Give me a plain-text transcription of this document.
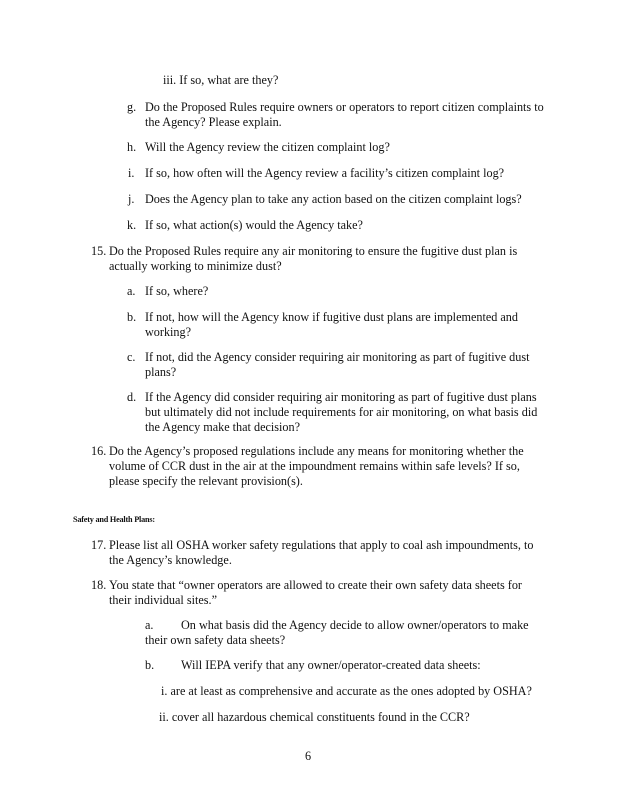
iii. If so, what are they?
g. Do the Proposed Rules require owners or operators to report citizen complaints to
the Agency? Please explain.
h. Will the Agency review the citizen complaint log?
i. If so, how often will the Agency review a facility’s citizen complaint log?
j. Does the Agency plan to take any action based on the citizen complaint logs?
k. If so, what action(s) would the Agency take?
15. Do the Proposed Rules require any air monitoring to ensure the fugitive dust plan is
actually working to minimize dust?
a. If so, where?
b. If not, how will the Agency know if fugitive dust plans are implemented and
working?
c. If not, did the Agency consider requiring air monitoring as part of fugitive dust
plans?
d. If the Agency did consider requiring air monitoring as part of fugitive dust plans
but ultimately did not include requirements for air monitoring, on what basis did
the Agency make that decision?
16. Do the Agency’s proposed regulations include any means for monitoring whether the
volume of CCR dust in the air at the impoundment remains within safe levels? If so,
please specify the relevant provision(s).
Safety and Health Plans:
17. Please list all OSHA worker safety regulations that apply to coal ash impoundments, to
the Agency’s knowledge.
18. You state that “owner operators are allowed to create their own safety data sheets for
their individual sites.”
a. On what basis did the Agency decide to allow owner/operators to make
their own safety data sheets?
b. Will IEPA verify that any owner/operator-created data sheets:
i. are at least as comprehensive and accurate as the ones adopted by OSHA?
ii. cover all hazardous chemical constituents found in the CCR?
6
